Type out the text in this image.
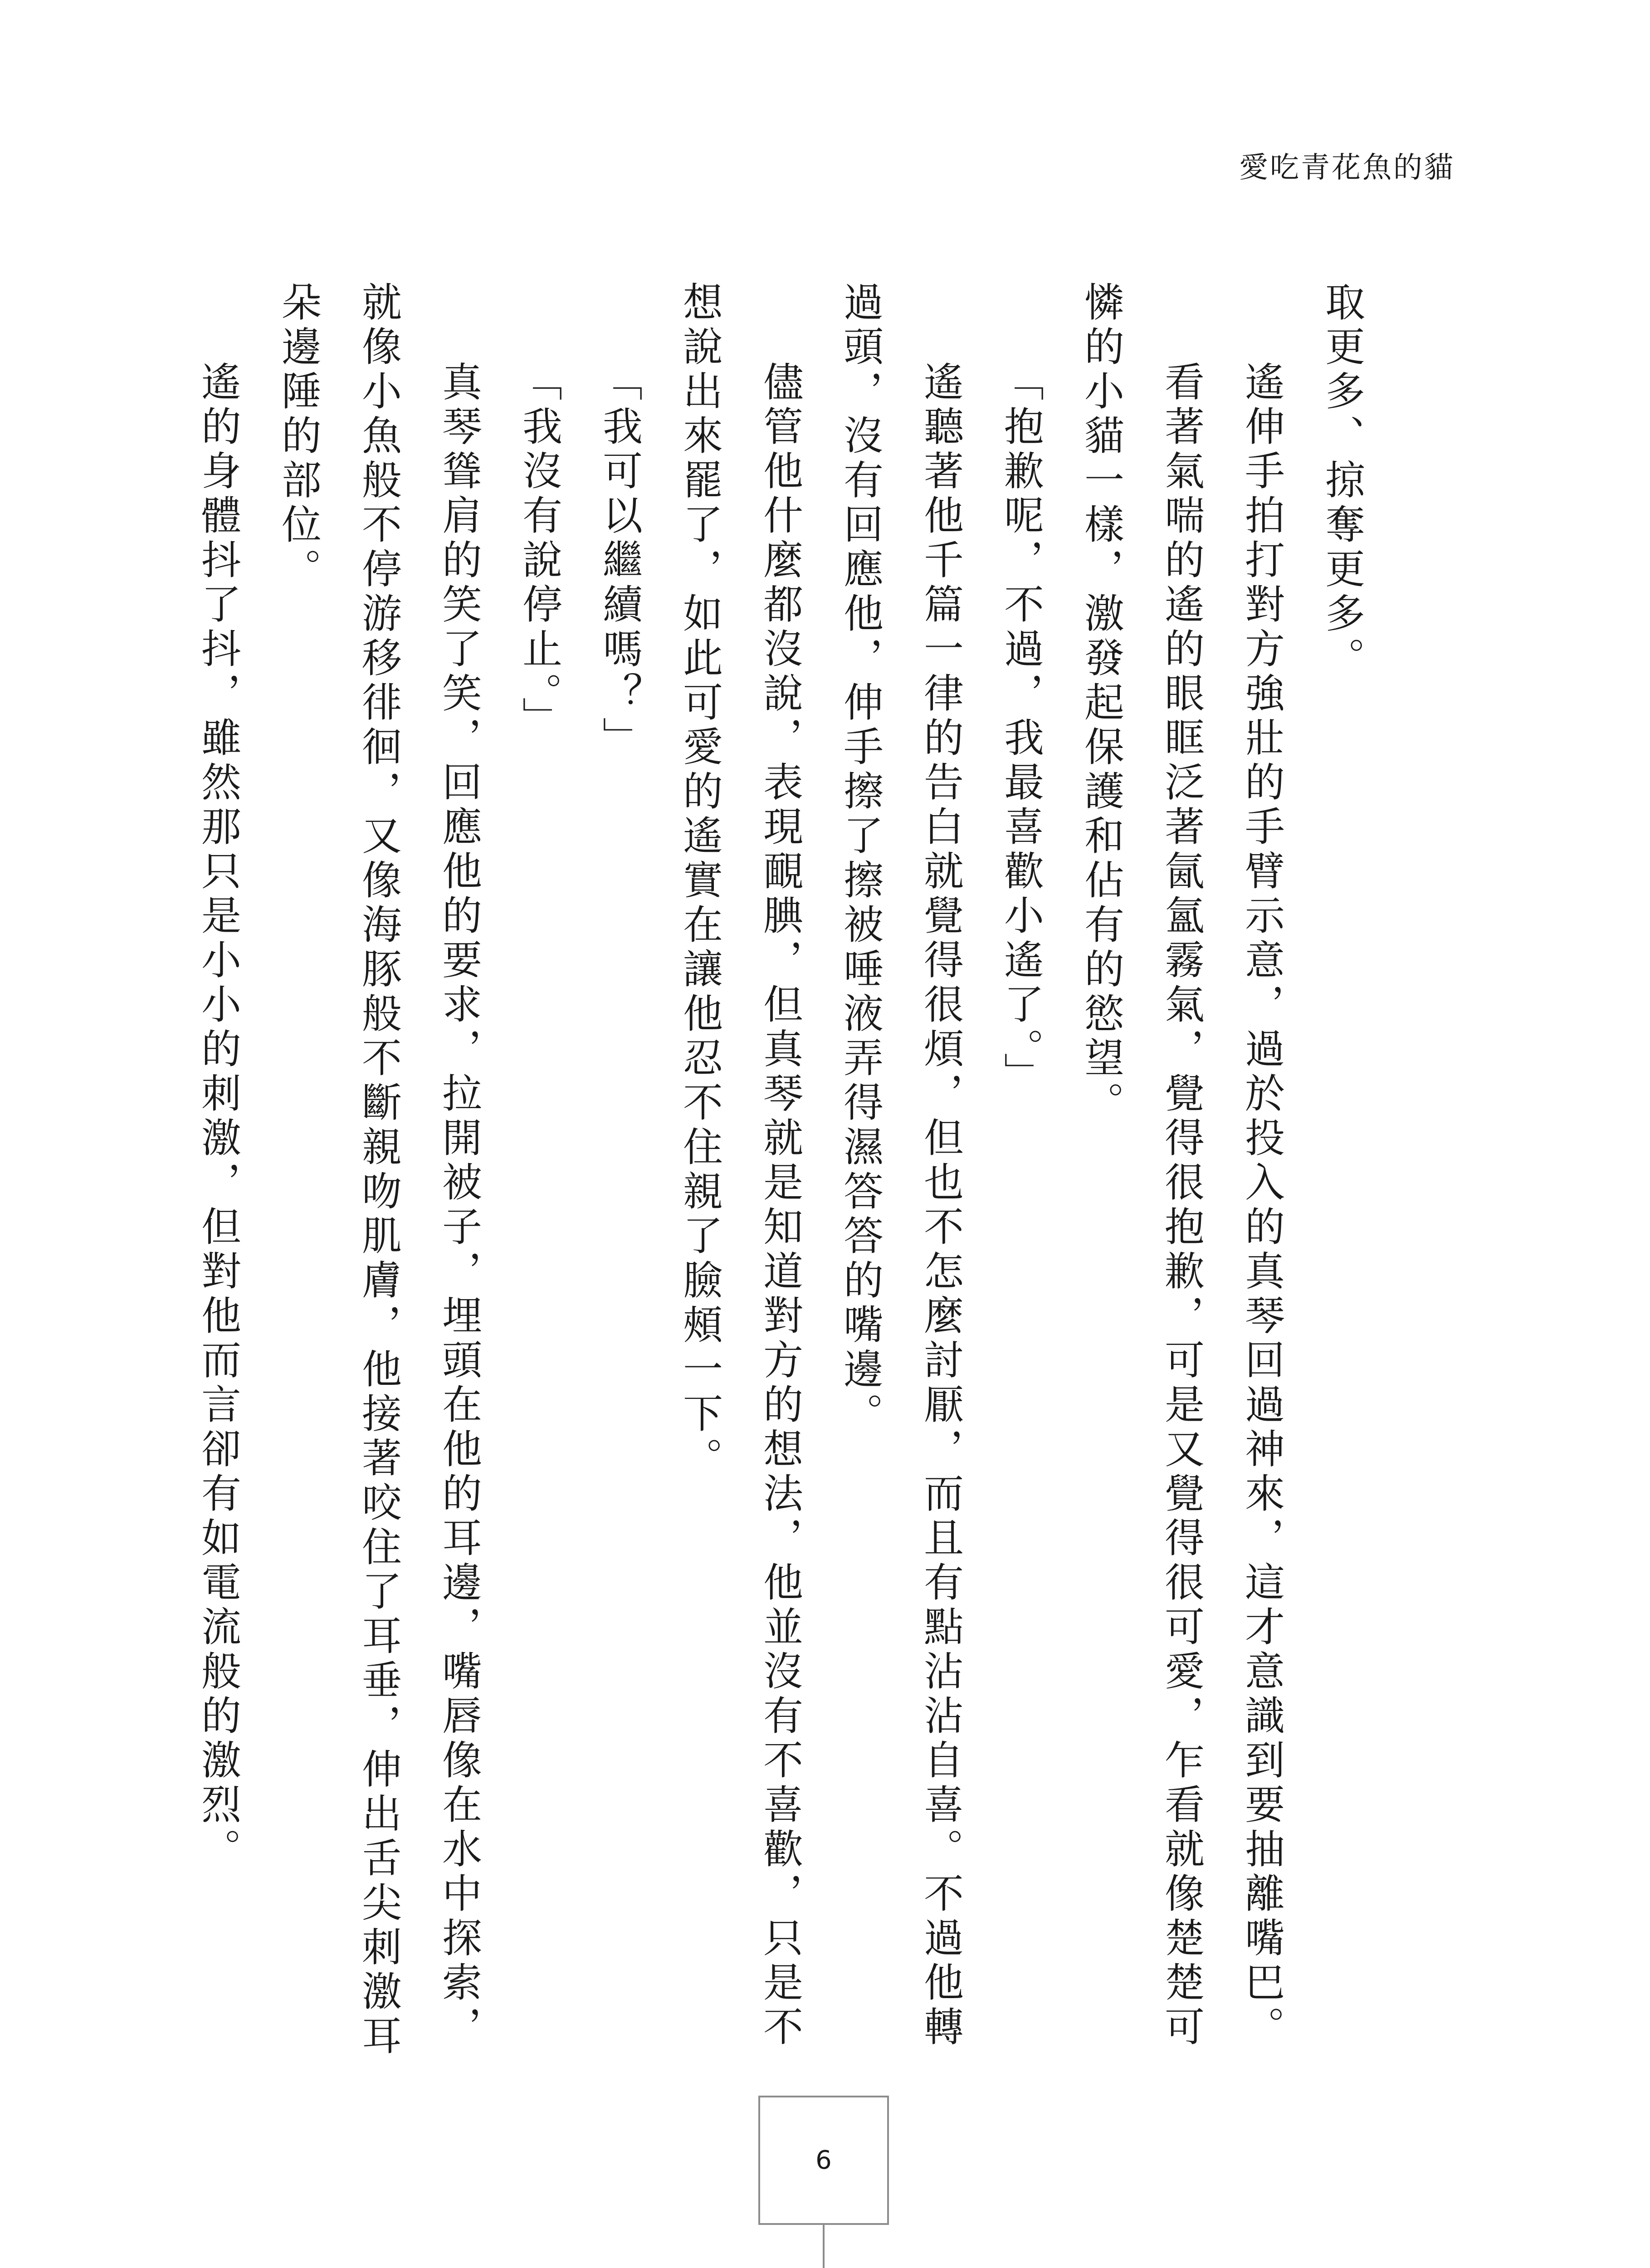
愛吃青花魚的貓

取更多、掠奪更多。

遙伸手拍打對方強壯的手臂示意，過於投入的真琴回過神來，這才意識到要抽離嘴巴。

看著氣喘的遙的眼眶泛著氤氳霧氣，覺得很抱歉，可是又覺得很可愛，乍看就像楚楚可憐的小貓一樣，激發起保護和佔有的慾望。

「抱歉呢，不過，我最喜歡小遙了。」

遙聽著他千篇一律的告白就覺得很煩，但也不怎麼討厭，而且有點沾沾自喜。不過他轉過頭，沒有回應他，伸手擦了擦被唾液弄得濕答答的嘴邊。

儘管他什麼都沒說，表現靦腆，但真琴就是知道對方的想法，他並沒有不喜歡，只是不想說出來罷了，如此可愛的遙實在讓他忍不住親了臉頰一下。

「我可以繼續嗎？」

「我沒有說停止。」

真琴聳肩的笑了笑，回應他的要求，拉開被子，埋頭在他的耳邊，嘴唇像在水中探索，就像小魚般不停游移徘徊，又像海豚般不斷親吻肌膚，他接著咬住了耳垂，伸出舌尖刺激耳朵邊陲的部位。

遙的身體抖了抖，雖然那只是小小的刺激，但對他而言卻有如電流般的激烈。

6
